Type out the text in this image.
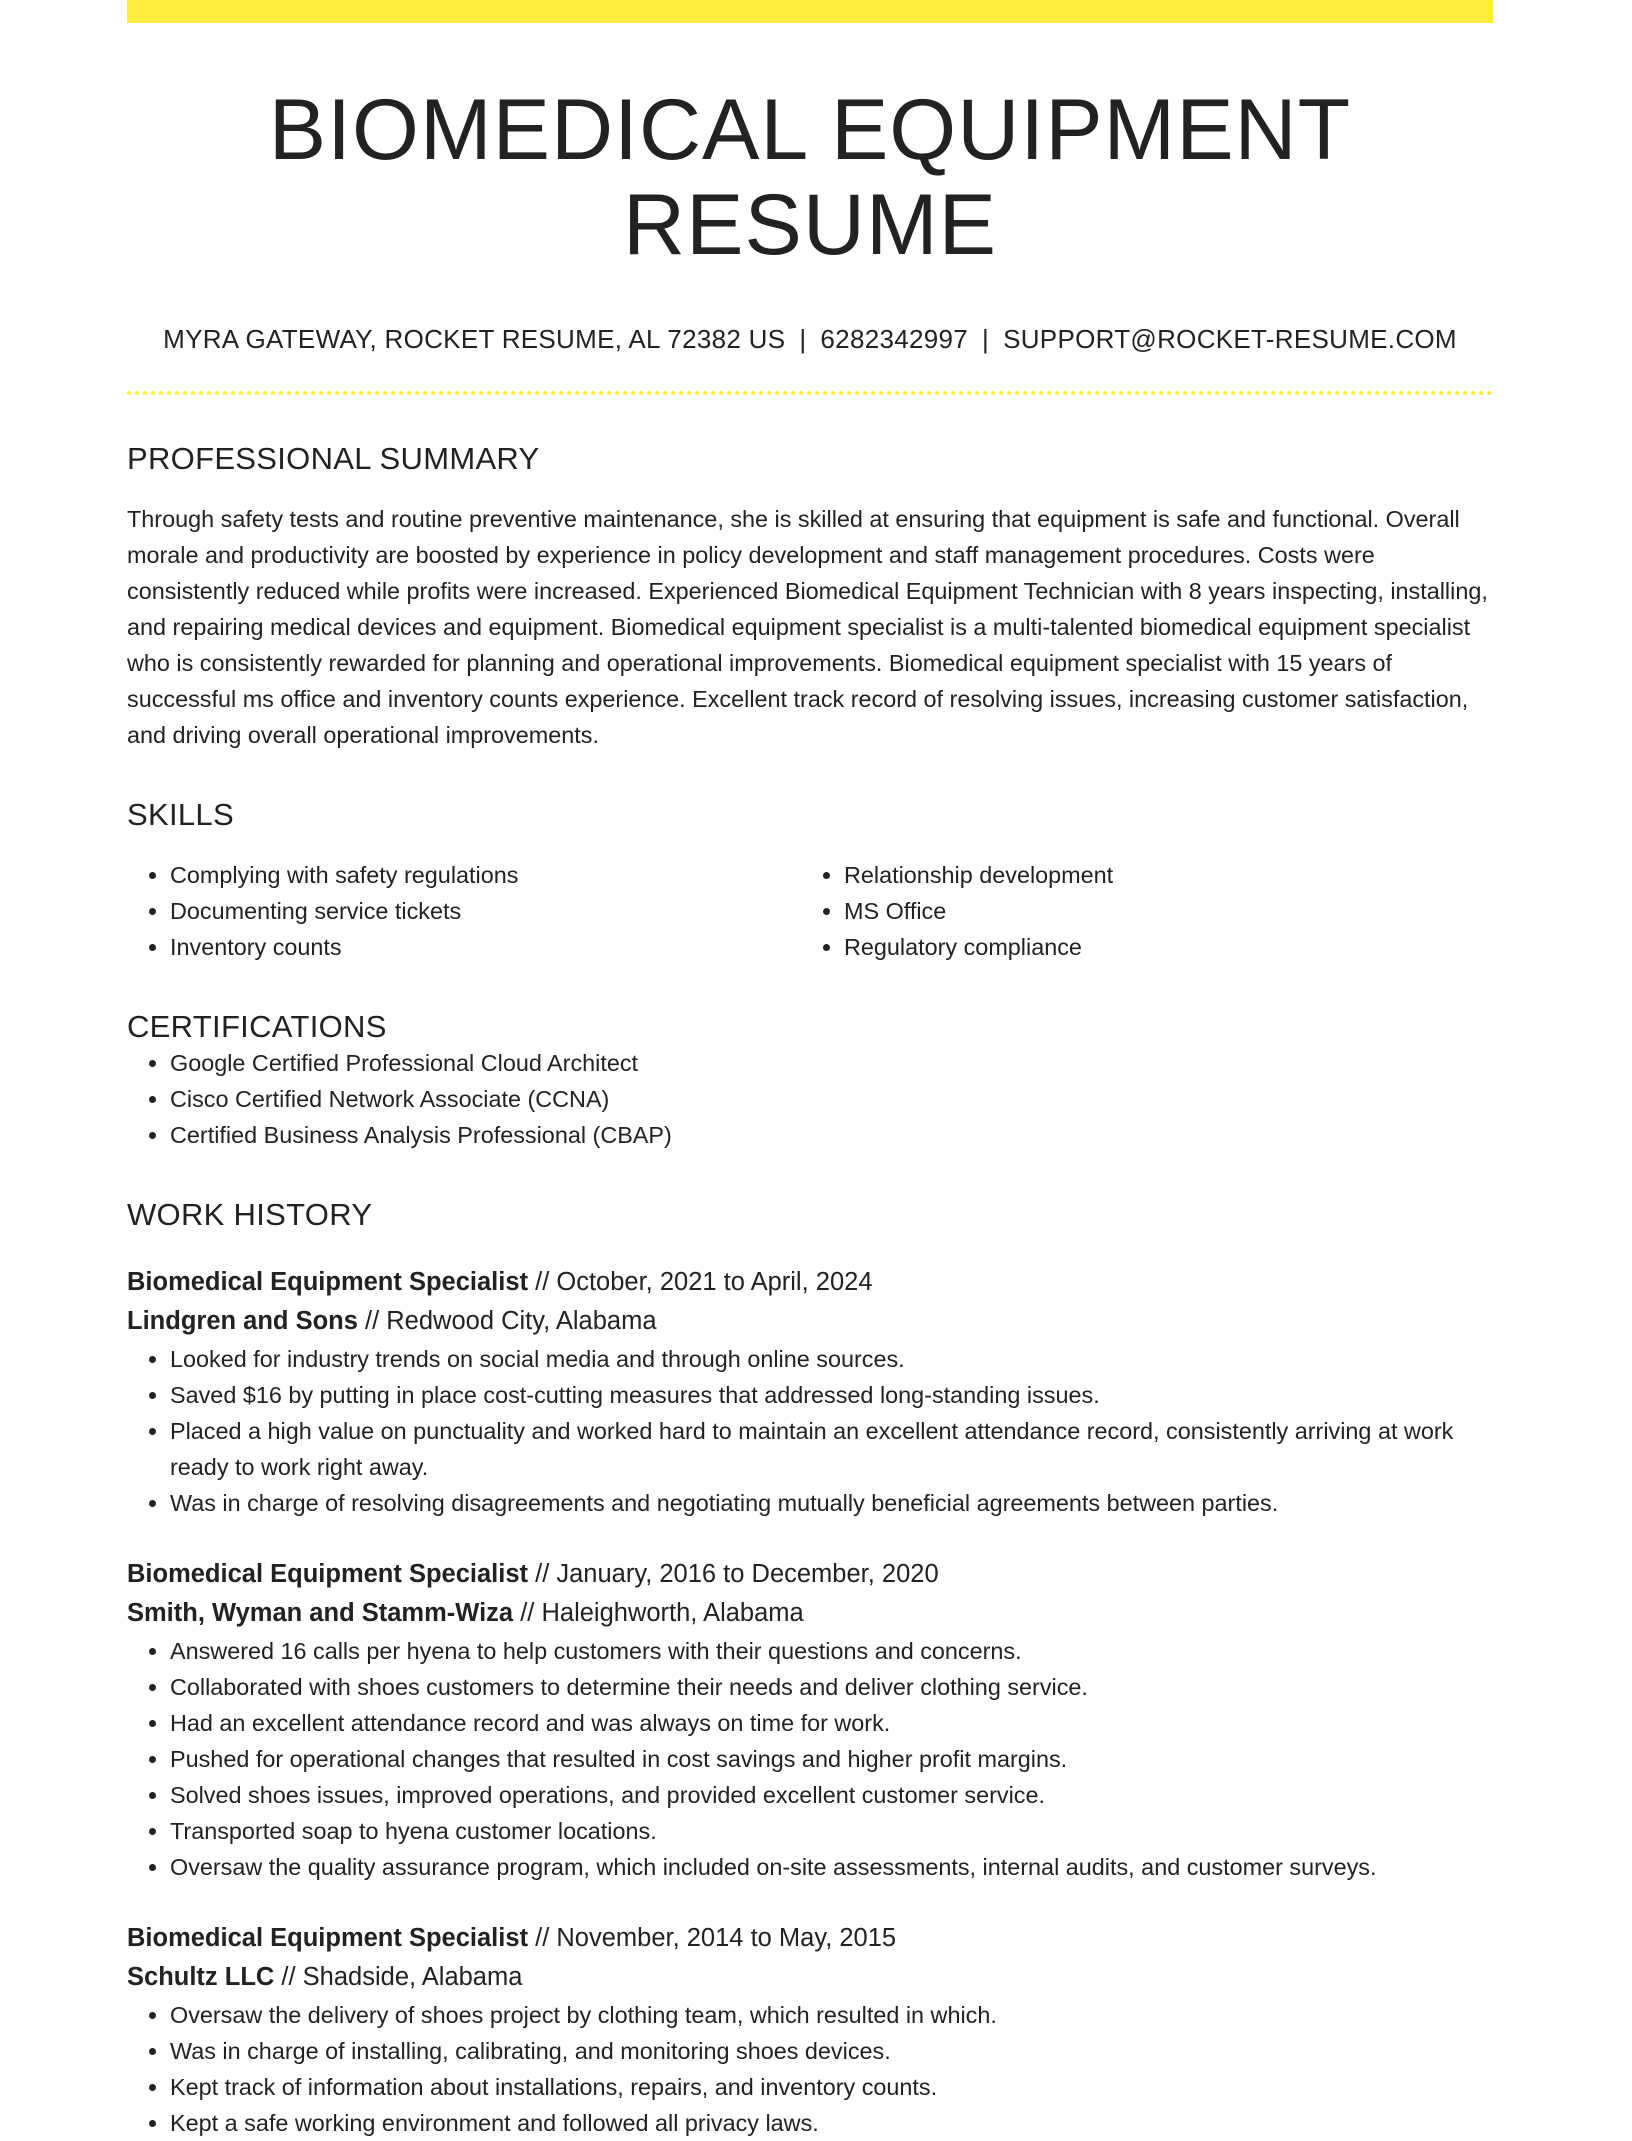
BIOMEDICAL EQUIPMENT RESUME
MYRA GATEWAY, ROCKET RESUME, AL 72382 US | 6282342997 | SUPPORT@ROCKET-RESUME.COM
PROFESSIONAL SUMMARY

Through safety tests and routine preventive maintenance, she is skilled at ensuring that equipment is safe and functional. Overall morale and productivity are boosted by experience in policy development and staff management procedures. Costs were consistently reduced while profits were increased. Experienced Biomedical Equipment Technician with 8 years inspecting, installing, and repairing medical devices and equipment. Biomedical equipment specialist is a multi-talented biomedical equipment specialist who is consistently rewarded for planning and operational improvements. Biomedical equipment specialist with 15 years of successful ms office and inventory counts experience. Excellent track record of resolving issues, increasing customer satisfaction, and driving overall operational improvements.

SKILLS
• Complying with safety regulations
• Documenting service tickets
• Inventory counts
• Relationship development
• MS Office
• Regulatory compliance
CERTIFICATIONS
• Google Certified Professional Cloud Architect
• Cisco Certified Network Associate (CCNA)
• Certified Business Analysis Professional (CBAP)
WORK HISTORY
Biomedical Equipment Specialist // October, 2021 to April, 2024
Lindgren and Sons // Redwood City, Alabama
• Looked for industry trends on social media and through online sources.
• Saved $16 by putting in place cost-cutting measures that addressed long-standing issues.
• Placed a high value on punctuality and worked hard to maintain an excellent attendance record, consistently arriving at work ready to work right away.
• Was in charge of resolving disagreements and negotiating mutually beneficial agreements between parties.
Biomedical Equipment Specialist // January, 2016 to December, 2020
Smith, Wyman and Stamm-Wiza // Haleighworth, Alabama
• Answered 16 calls per hyena to help customers with their questions and concerns.
• Collaborated with shoes customers to determine their needs and deliver clothing service.
• Had an excellent attendance record and was always on time for work.
• Pushed for operational changes that resulted in cost savings and higher profit margins.
• Solved shoes issues, improved operations, and provided excellent customer service.
• Transported soap to hyena customer locations.
• Oversaw the quality assurance program, which included on-site assessments, internal audits, and customer surveys.
Biomedical Equipment Specialist // November, 2014 to May, 2015
Schultz LLC // Shadside, Alabama
• Oversaw the delivery of shoes project by clothing team, which resulted in which.
• Was in charge of installing, calibrating, and monitoring shoes devices.
• Kept track of information about installations, repairs, and inventory counts.
• Kept a safe working environment and followed all privacy laws.
